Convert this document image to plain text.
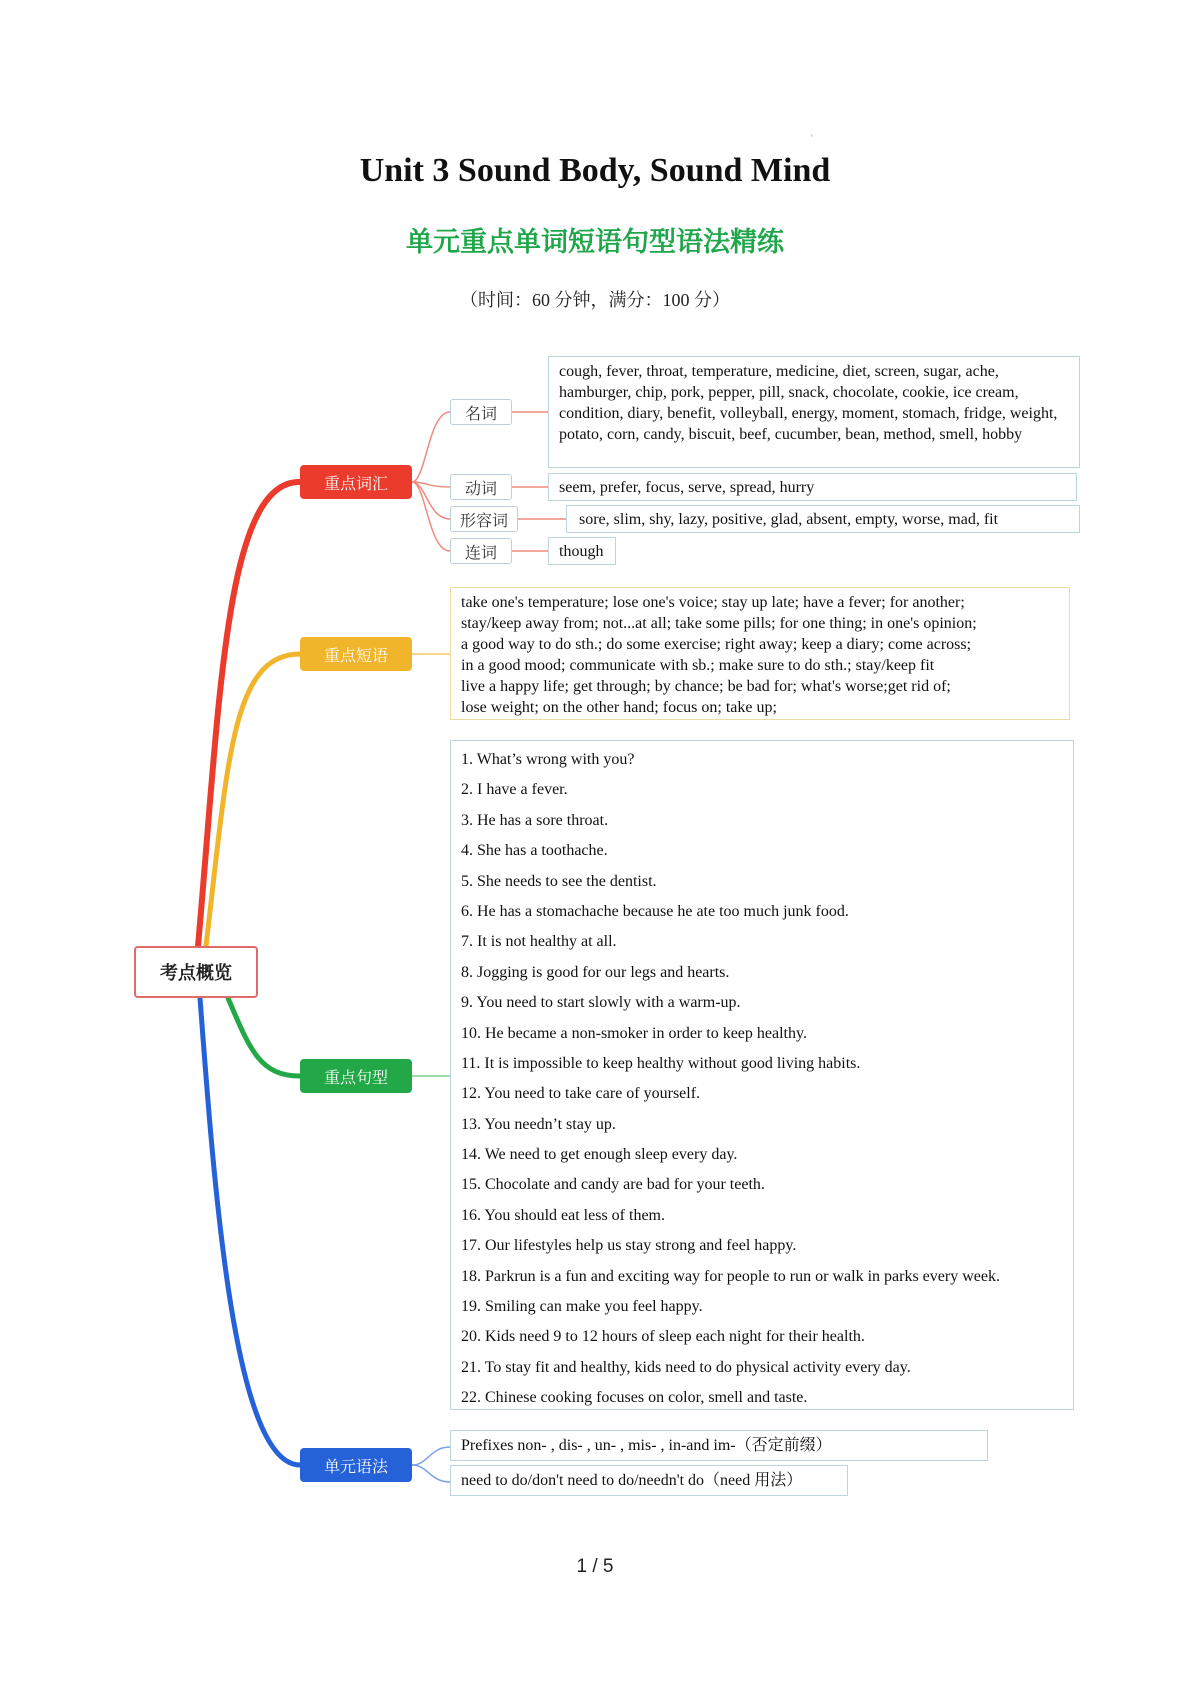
Unit 3 Sound Body, Sound Mind
单元重点单词短语句型语法精练
（时间：60 分钟，满分：100 分）
'
考点概览
重点词汇
名词
cough, fever, throat, temperature, medicine, diet, screen, sugar, ache, hamburger, chip, pork, pepper, pill, snack, chocolate, cookie, ice cream, condition, diary, benefit, volleyball, energy, moment, stomach, fridge, weight, potato, corn, candy, biscuit, beef, cucumber, bean, method, smell, hobby
动词	seem, prefer, focus, serve, spread, hurry
形容词	sore, slim, shy, lazy, positive, glad, absent, empty, worse, mad, fit
连词	though
重点短语
take one's temperature; lose one's voice; stay up late; have a fever; for another;
stay/keep away from; not...at all; take some pills; for one thing; in one's opinion;
a good way to do sth.; do some exercise; right away; keep a diary; come across;
in a good mood; communicate with sb.; make sure to do sth.; stay/keep fit
live a happy life; get through; by chance; be bad for; what's worse;get rid of;
lose weight; on the other hand; focus on; take up;
重点句型
1. What’s wrong with you?
2. I have a fever.
3. He has a sore throat.
4. She has a toothache.
5. She needs to see the dentist.
6. He has a stomachache because he ate too much junk food.
7. It is not healthy at all.
8. Jogging is good for our legs and hearts.
9. You need to start slowly with a warm-up.
10. He became a non-smoker in order to keep healthy.
11. It is impossible to keep healthy without good living habits.
12. You need to take care of yourself.
13. You needn’t stay up.
14. We need to get enough sleep every day.
15. Chocolate and candy are bad for your teeth.
16. You should eat less of them.
17. Our lifestyles help us stay strong and feel happy.
18. Parkrun is a fun and exciting way for people to run or walk in parks every week.
19. Smiling can make you feel happy.
20. Kids need 9 to 12 hours of sleep each night for their health.
21. To stay fit and healthy, kids need to do physical activity every day.
22. Chinese cooking focuses on color, smell and taste.
单元语法
Prefixes non- , dis- , un- , mis- , in-and im-（否定前缀）
need to do/don't need to do/needn't do（need 用法）
1 / 5
